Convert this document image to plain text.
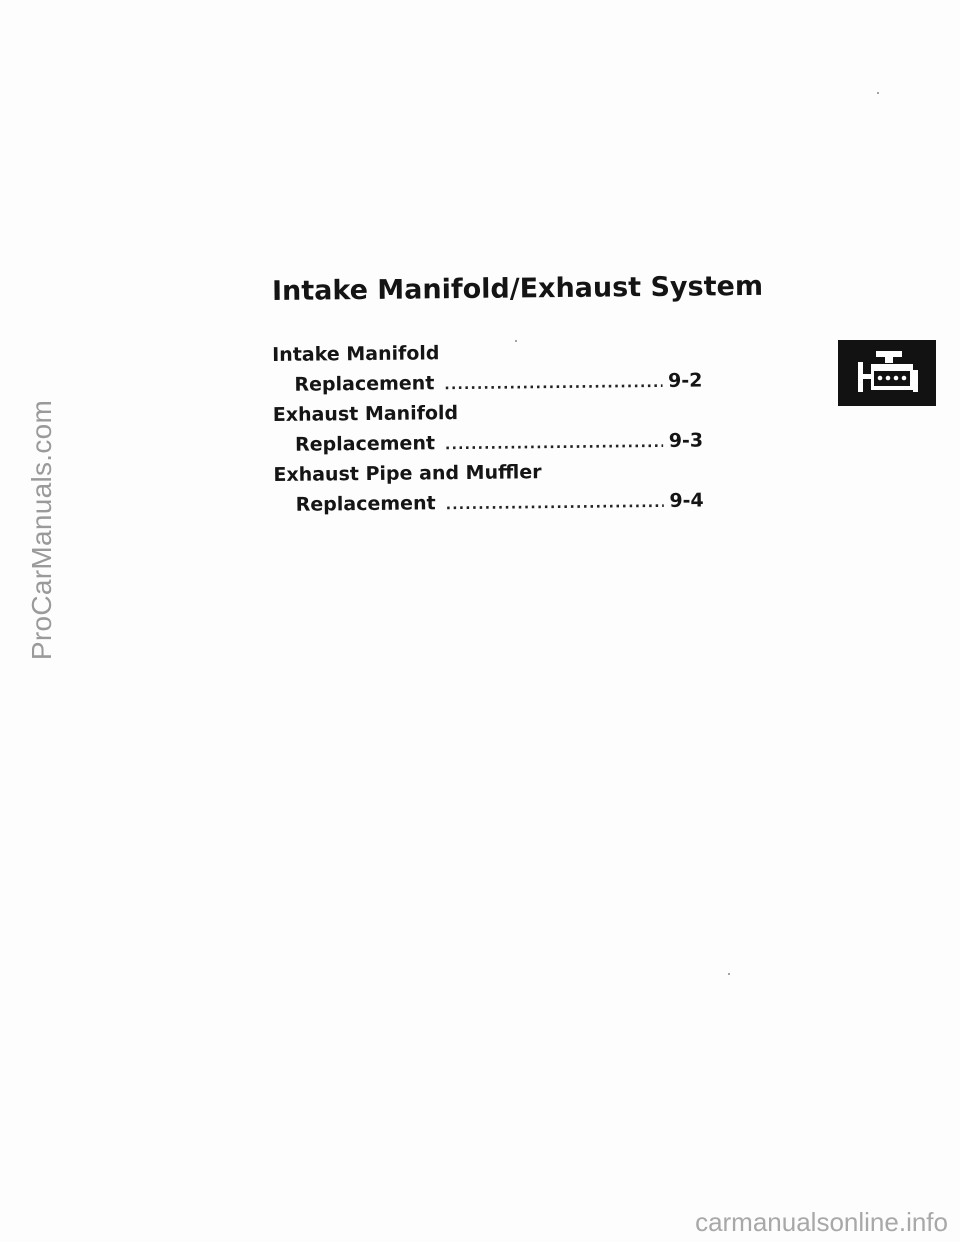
ProCarManuals.com
Intake Manifold/Exhaust System
Intake Manifold
Replacement .....	9-2
Exhaust Manifold
Replacement .....	9-3
Exhaust Pipe and Muffler
Replacement .....	9-4
carmanualsonline.info
